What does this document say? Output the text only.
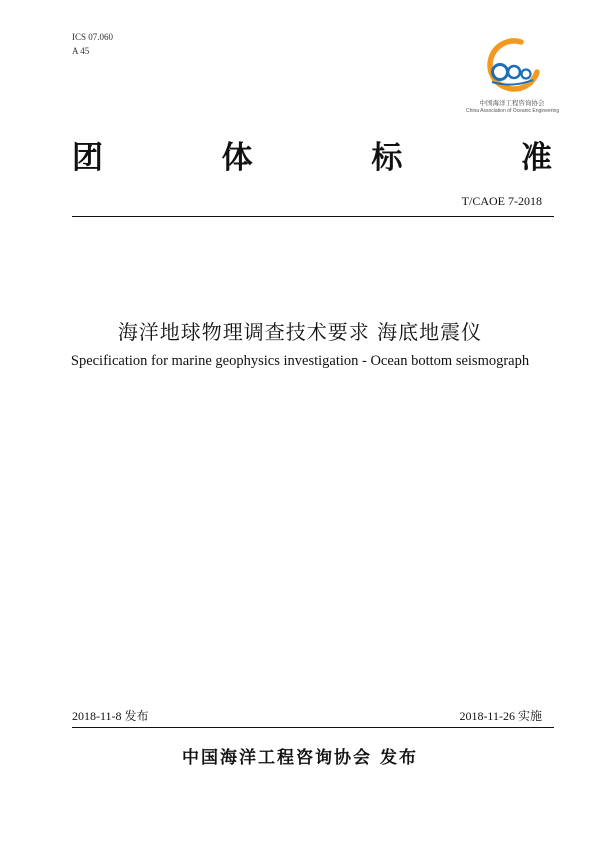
ICS 07.060
A 45
中国海洋工程咨询协会
China Association of Oceanic Engineering
团	体	标	准
T/CAOE 7-2018
海洋地球物理调查技术要求 海底地震仪
Specification for marine geophysics investigation - Ocean bottom seismograph
2018-11-8 发布	2018-11-26 实施
中国海洋工程咨询协会 发布
